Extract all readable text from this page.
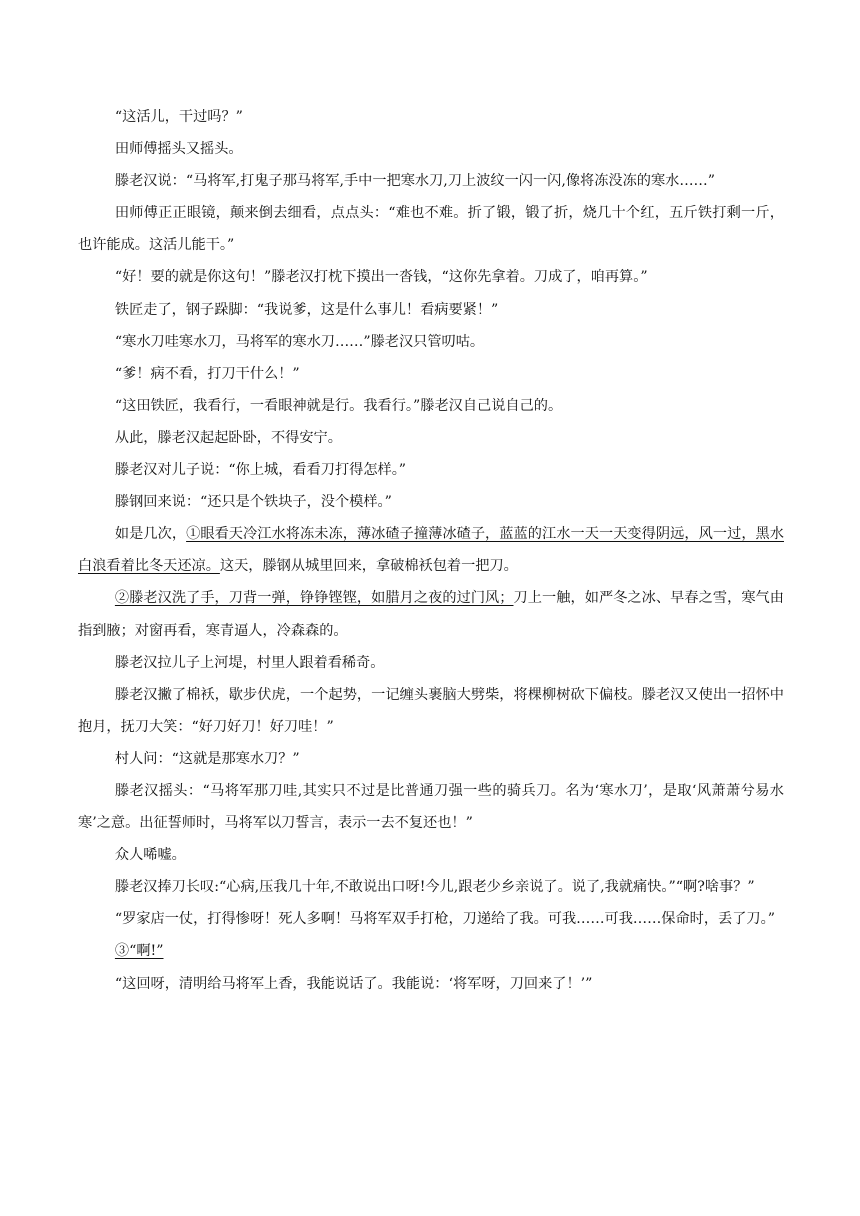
“这活儿，干过吗？”

田师傅摇头又摇头。

滕老汉说：“马将军,打鬼子那马将军,手中一把寒水刀,刀上波纹一闪一闪,像将冻没冻的寒水……”

田师傅正正眼镜，颠来倒去细看，点点头：“难也不难。折了锻，锻了折，烧几十个红，五斤铁打剩一斤，也许能成。这活儿能干。”

“好！要的就是你这句！”滕老汉打枕下摸出一沓钱，“这你先拿着。刀成了，咱再算。”

铁匠走了，钢子跺脚：“我说爹，这是什么事儿！看病要紧！”

“寒水刀哇寒水刀，马将军的寒水刀……”滕老汉只管叨咕。

“爹！病不看，打刀干什么！”

“这田铁匠，我看行，一看眼神就是行。我看行。”滕老汉自己说自己的。

从此，滕老汉起起卧卧，不得安宁。

滕老汉对儿子说：“你上城，看看刀打得怎样。”

滕钢回来说：“还只是个铁块子，没个模样。”

如是几次，①眼看天冷江水将冻未冻，薄冰碴子撞薄冰碴子，蓝蓝的江水一天一天变得阴远，风一过，黑水白浪看着比冬天还凉。这天，滕钢从城里回来，拿破棉袄包着一把刀。

②滕老汉洗了手，刀背一弹，铮铮铿铿，如腊月之夜的过门风；刀上一触，如严冬之冰、早春之雪，寒气由指到腋；对窗再看，寒青逼人，冷森森的。

滕老汉拉儿子上河堤，村里人跟着看稀奇。

滕老汉撇了棉袄，歇步伏虎，一个起势，一记缠头裹脑大劈柴，将棵柳树砍下偏枝。滕老汉又使出一招怀中抱月，抚刀大笑：“好刀好刀！好刀哇！”

村人问：“这就是那寒水刀？”

滕老汉摇头：“马将军那刀哇,其实只不过是比普通刀强一些的骑兵刀。名为‘寒水刀’，是取‘风萧萧兮易水寒’之意。出征誓师时，马将军以刀誓言，表示一去不复还也！”

众人唏嘘。

滕老汉捧刀长叹:“心病,压我几十年,不敢说出口呀!今儿,跟老少乡亲说了。说了,我就痛快。”“啊?啥事？”

“罗家店一仗，打得惨呀！死人多啊！马将军双手打枪，刀递给了我。可我……可我……保命时，丢了刀。”

③“啊!”

“这回呀，清明给马将军上香，我能说话了。我能说：‘将军呀，刀回来了！’”
